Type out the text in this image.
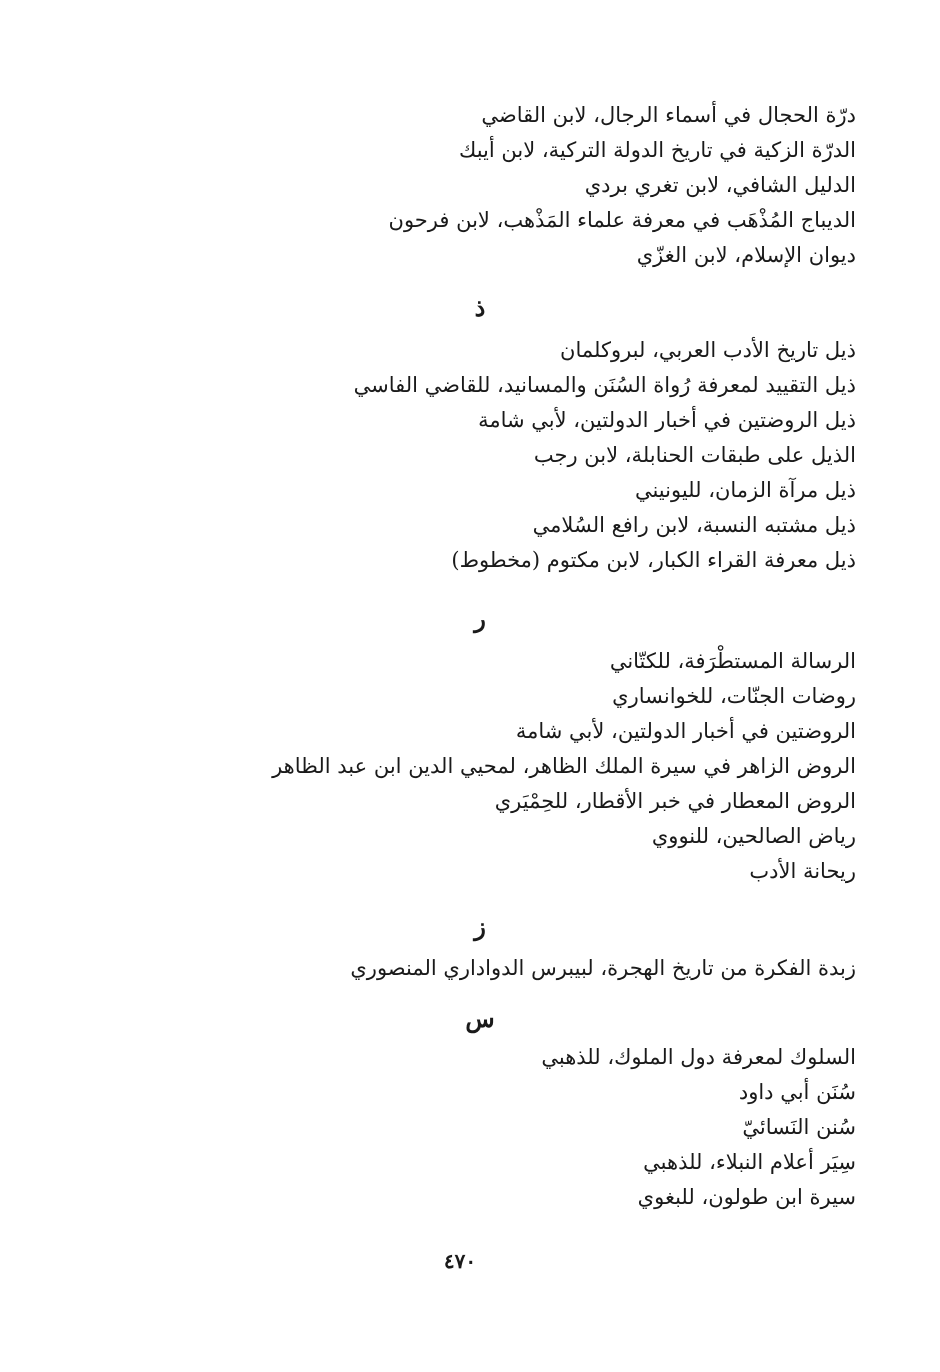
درّة الحجال في أسماء الرجال، لابن القاضي
الدرّة الزكية في تاريخ الدولة التركية، لابن أيبك
الدليل الشافي، لابن تغري بردي
الديباج المُذْهَب في معرفة علماء المَذْهب، لابن فرحون
ديوان الإسلام، لابن الغزّي
ذ
ذيل تاريخ الأدب العربي، لبروكلمان
ذيل التقييد لمعرفة رُواة السُنَن والمسانيد، للقاضي الفاسي
ذيل الروضتين في أخبار الدولتين، لأبي شامة
الذيل على طبقات الحنابلة، لابن رجب
ذيل مرآة الزمان، لليونيني
ذيل مشتبه النسبة، لابن رافع السُلامي
ذيل معرفة القراء الكبار، لابن مكتوم (مخطوط)
ر
الرسالة المستطْرَفة، للكتّاني
روضات الجنّات، للخوانساري
الروضتين في أخبار الدولتين، لأبي شامة
الروض الزاهر في سيرة الملك الظاهر، لمحيي الدين ابن عبد الظاهر
الروض المعطار في خبر الأقطار، للحِمْيَري
رياض الصالحين، للنووي
ريحانة الأدب
ز
زبدة الفكرة من تاريخ الهجرة، لبيبرس الدواداري المنصوري
س
السلوك لمعرفة دول الملوك، للذهبي
سُنَن أبي داود
سُنن النَسائيّ
سِيَر أعلام النبلاء، للذهبي
سيرة ابن طولون، للبغوي
٤٧٠
